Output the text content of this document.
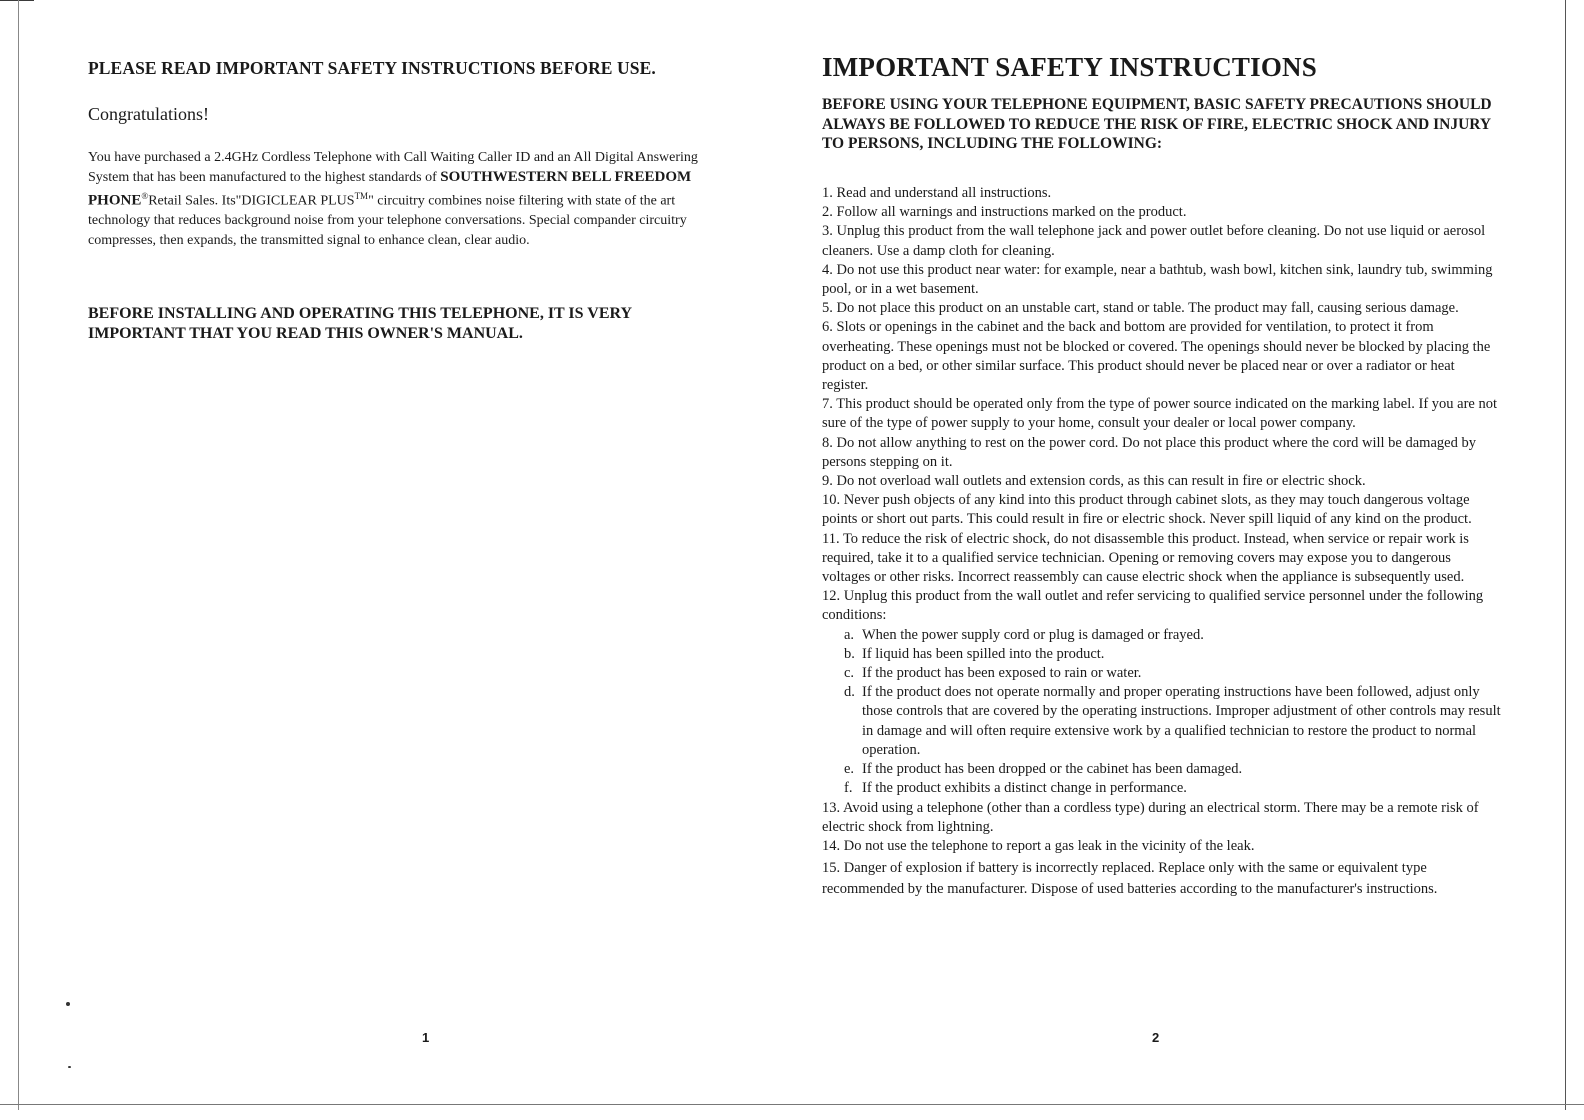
PLEASE READ IMPORTANT SAFETY INSTRUCTIONS BEFORE USE.
Congratulations!
You have purchased a 2.4GHz Cordless Telephone with Call Waiting Caller ID and an All Digital Answering System that has been manufactured to the highest standards of SOUTHWESTERN BELL FREEDOM PHONE®Retail Sales. Its"DIGICLEAR PLUS™" circuitry combines noise filtering with state of the art technology that reduces background noise from your telephone conversations. Special compander circuitry compresses, then expands, the transmitted signal to enhance clean, clear audio.
BEFORE INSTALLING AND OPERATING THIS TELEPHONE, IT IS VERY IMPORTANT THAT YOU READ THIS OWNER'S MANUAL.
1
IMPORTANT SAFETY INSTRUCTIONS
BEFORE USING YOUR TELEPHONE EQUIPMENT, BASIC SAFETY PRECAUTIONS SHOULD ALWAYS BE FOLLOWED TO REDUCE THE RISK OF FIRE, ELECTRIC SHOCK AND INJURY TO PERSONS, INCLUDING THE FOLLOWING:
1. Read and understand all instructions.
2. Follow all warnings and instructions marked on the product.
3. Unplug this product from the wall telephone jack and power outlet before cleaning. Do not use liquid or aerosol cleaners. Use a damp cloth for cleaning.
4. Do not use this product near water: for example, near a bathtub, wash bowl, kitchen sink, laundry tub, swimming pool, or in a wet basement.
5. Do not place this product on an unstable cart, stand or table. The product may fall, causing serious damage.
6. Slots or openings in the cabinet and the back and bottom are provided for ventilation, to protect it from overheating. These openings must not be blocked or covered. The openings should never be blocked by placing the product on a bed, or other similar surface. This product should never be placed near or over a radiator or heat register.
7. This product should be operated only from the type of power source indicated on the marking label. If you are not sure of the type of power supply to your home, consult your dealer or local power company.
8. Do not allow anything to rest on the power cord. Do not place this product where the cord will be damaged by persons stepping on it.
9. Do not overload wall outlets and extension cords, as this can result in fire or electric shock.
10. Never push objects of any kind into this product through cabinet slots, as they may touch dangerous voltage points or short out parts. This could result in fire or electric shock. Never spill liquid of any kind on the product.
11. To reduce the risk of electric shock, do not disassemble this product. Instead, when service or repair work is required, take it to a qualified service technician. Opening or removing covers may expose you to dangerous voltages or other risks. Incorrect reassembly can cause electric shock when the appliance is subsequently used.
12. Unplug this product from the wall outlet and refer servicing to qualified service personnel under the following conditions:
a. When the power supply cord or plug is damaged or frayed.
b. If liquid has been spilled into the product.
c. If the product has been exposed to rain or water.
d. If the product does not operate normally and proper operating instructions have been followed, adjust only those controls that are covered by the operating instructions. Improper adjustment of other controls may result in damage and will often require extensive work by a qualified technician to restore the product to normal operation.
e. If the product has been dropped or the cabinet has been damaged.
f. If the product exhibits a distinct change in performance.
13. Avoid using a telephone (other than a cordless type) during an electrical storm. There may be a remote risk of electric shock from lightning.
14. Do not use the telephone to report a gas leak in the vicinity of the leak.
15. Danger of explosion if battery is incorrectly replaced. Replace only with the same or equivalent type recommended by the manufacturer. Dispose of used batteries according to the manufacturer's instructions.
2
